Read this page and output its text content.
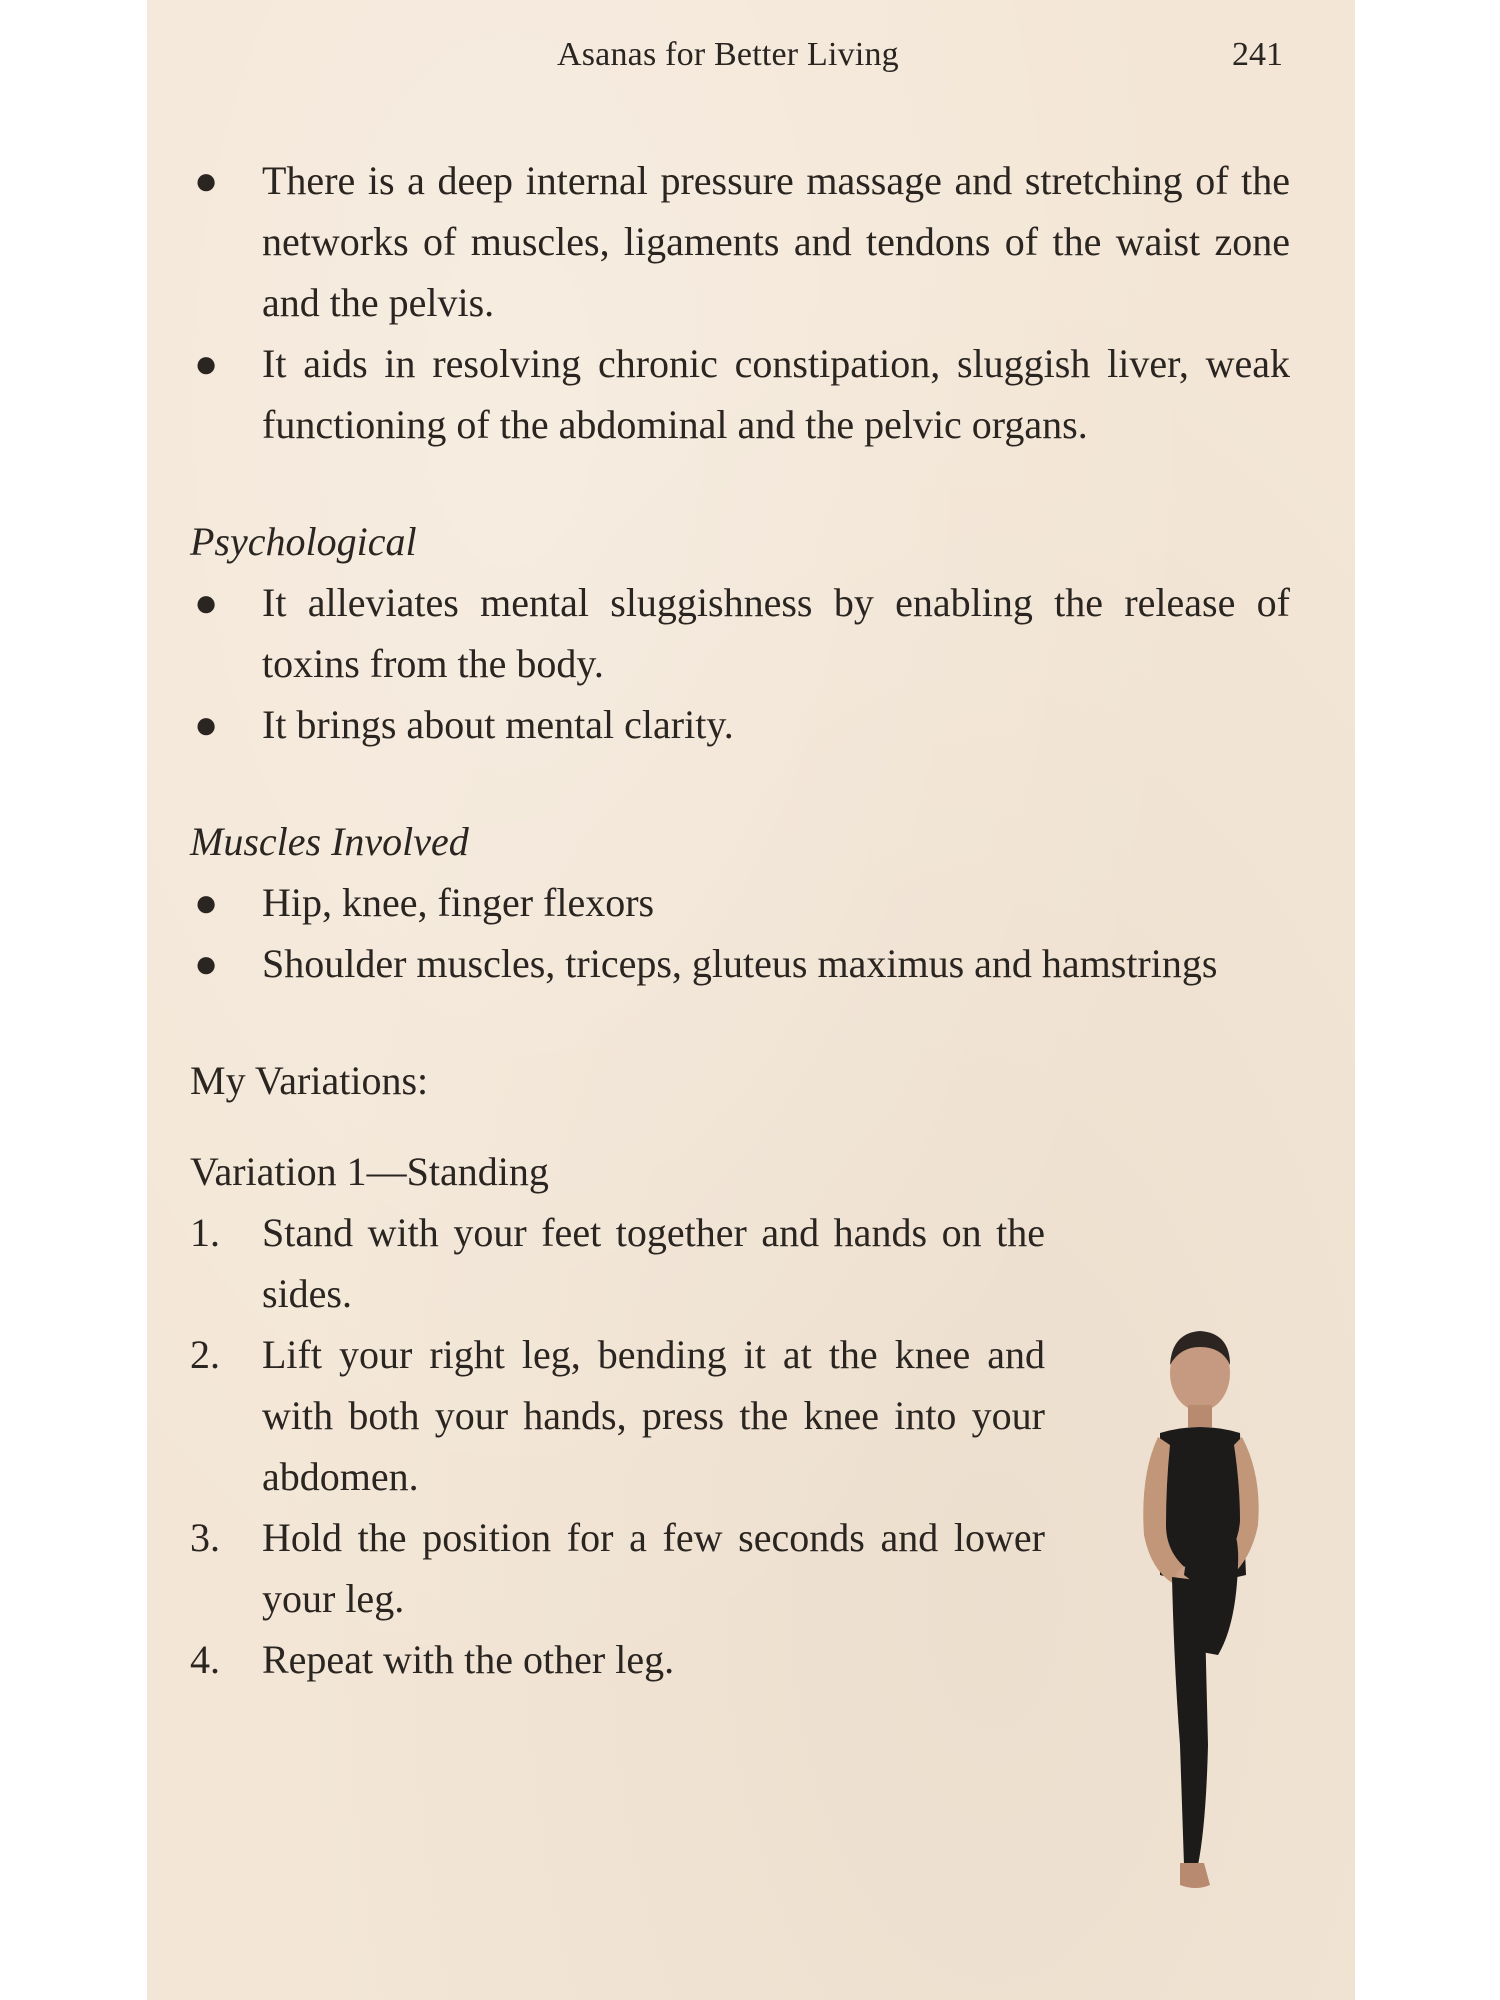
Asanas for Better Living	241
● There is a deep internal pressure massage and stretching of the networks of muscles, ligaments and tendons of the waist zone and the pelvis.
● It aids in resolving chronic constipation, sluggish liver, weak functioning of the abdominal and the pelvic organs.
Psychological
● It alleviates mental sluggishness by enabling the release of toxins from the body.
● It brings about mental clarity.
Muscles Involved
● Hip, knee, finger flexors
● Shoulder muscles, triceps, gluteus maximus and hamstrings
My Variations:
Variation 1—Standing
1. Stand with your feet together and hands on the sides.
2. Lift your right leg, bending it at the knee and with both your hands, press the knee into your abdomen.
3. Hold the position for a few seconds and lower your leg.
4. Repeat with the other leg.
